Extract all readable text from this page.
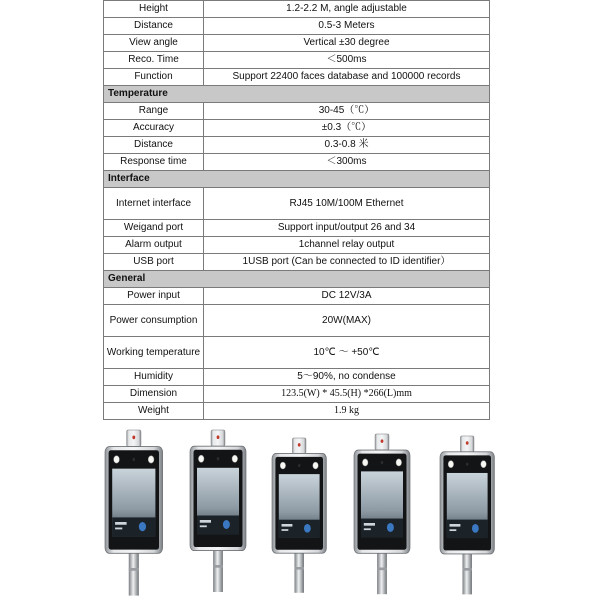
Height	1.2-2.2 M, angle adjustable
Distance	0.5-3 Meters
View angle	Vertical ±30 degree
Reco. Time	＜500ms
Function	Support 22400 faces database and 100000 records
Temperature	
Range	30-45（℃）
Accuracy	±0.3（℃）
Distance	0.3-0.8 米
Response time	＜300ms
Interface	
Internet interface	RJ45 10M/100M Ethernet
Weigand port	Support input/output 26 and 34
Alarm output	1channel relay output
USB port	1USB port (Can be connected to ID identifier）
General	
Power input	DC 12V/3A
Power consumption	20W(MAX)
Working temperature	10℃ ～ +50℃
Humidity	5～90%, no condense
Dimension	123.5(W) * 45.5(H) *266(L)mm
Weight	1.9 kg
